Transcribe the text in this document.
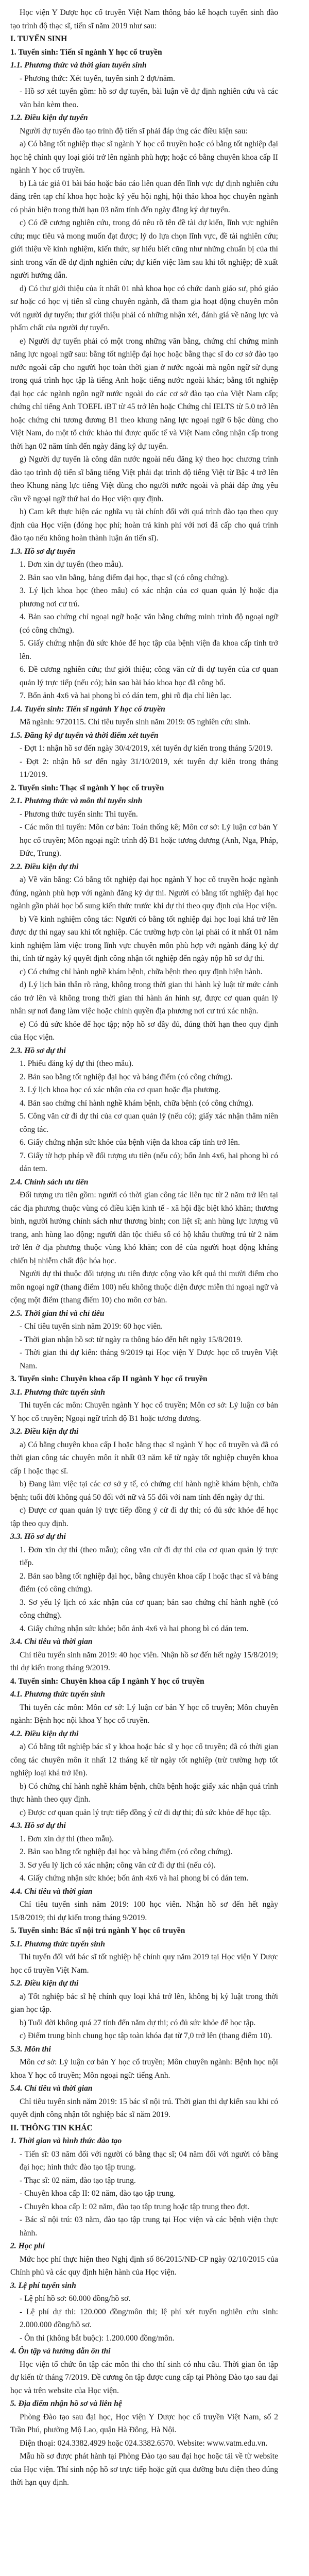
Học viện Y Dược học cổ truyền Việt Nam thông báo kế hoạch tuyển sinh đào tạo trình độ thạc sĩ, tiến sĩ năm 2019 như sau:

I. TUYỂN SINH

1. Tuyển sinh: Tiến sĩ ngành Y học cổ truyền

1.1. Phương thức và thời gian tuyển sinh

- Phương thức: Xét tuyển, tuyển sinh 2 đợt/năm.

- Hồ sơ xét tuyển gồm: hồ sơ dự tuyển, bài luận về dự định nghiên cứu và các văn bản kèm theo.

1.2. Điều kiện dự tuyển

Người dự tuyển đào tạo trình độ tiến sĩ phải đáp ứng các điều kiện sau:

a) Có bằng tốt nghiệp thạc sĩ ngành Y học cổ truyền hoặc có bằng tốt nghiệp đại học hệ chính quy loại giỏi trở lên ngành phù hợp; hoặc có bằng chuyên khoa cấp II ngành Y học cổ truyền.

b) Là tác giả 01 bài báo hoặc báo cáo liên quan đến lĩnh vực dự định nghiên cứu đăng trên tạp chí khoa học hoặc kỷ yếu hội nghị, hội thảo khoa học chuyên ngành có phản biện trong thời hạn 03 năm tính đến ngày đăng ký dự tuyển.

c) Có đề cương nghiên cứu, trong đó nêu rõ tên đề tài dự kiến, lĩnh vực nghiên cứu; mục tiêu và mong muốn đạt được; lý do lựa chọn lĩnh vực, đề tài nghiên cứu; giới thiệu về kinh nghiệm, kiến thức, sự hiểu biết cũng như những chuẩn bị của thí sinh trong vấn đề dự định nghiên cứu; dự kiến việc làm sau khi tốt nghiệp; đề xuất người hướng dẫn.

d) Có thư giới thiệu của ít nhất 01 nhà khoa học có chức danh giáo sư, phó giáo sư hoặc có học vị tiến sĩ cùng chuyên ngành, đã tham gia hoạt động chuyên môn với người dự tuyển; thư giới thiệu phải có những nhận xét, đánh giá về năng lực và phẩm chất của người dự tuyển.

e) Người dự tuyển phải có một trong những văn bằng, chứng chỉ chứng minh năng lực ngoại ngữ sau: bằng tốt nghiệp đại học hoặc bằng thạc sĩ do cơ sở đào tạo nước ngoài cấp cho người học toàn thời gian ở nước ngoài mà ngôn ngữ sử dụng trong quá trình học tập là tiếng Anh hoặc tiếng nước ngoài khác; bằng tốt nghiệp đại học các ngành ngôn ngữ nước ngoài do các cơ sở đào tạo của Việt Nam cấp; chứng chỉ tiếng Anh TOEFL iBT từ 45 trở lên hoặc Chứng chỉ IELTS từ 5.0 trở lên hoặc chứng chỉ tương đương B1 theo khung năng lực ngoại ngữ 6 bậc dùng cho Việt Nam, do một tổ chức khảo thí được quốc tế và Việt Nam công nhận cấp trong thời hạn 02 năm tính đến ngày đăng ký dự tuyển.

g) Người dự tuyển là công dân nước ngoài nếu đăng ký theo học chương trình đào tạo trình độ tiến sĩ bằng tiếng Việt phải đạt trình độ tiếng Việt từ Bậc 4 trở lên theo Khung năng lực tiếng Việt dùng cho người nước ngoài và phải đáp ứng yêu cầu về ngoại ngữ thứ hai do Học viện quy định.

h) Cam kết thực hiện các nghĩa vụ tài chính đối với quá trình đào tạo theo quy định của Học viện (đóng học phí; hoàn trả kinh phí với nơi đã cấp cho quá trình đào tạo nếu không hoàn thành luận án tiến sĩ).

1.3. Hồ sơ dự tuyển

1. Đơn xin dự tuyển (theo mẫu).

2. Bản sao văn bằng, bảng điểm đại học, thạc sĩ (có công chứng).

3. Lý lịch khoa học (theo mẫu) có xác nhận của cơ quan quản lý hoặc địa phương nơi cư trú.

4. Bản sao chứng chỉ ngoại ngữ hoặc văn bằng chứng minh trình độ ngoại ngữ (có công chứng).

5. Giấy chứng nhận đủ sức khỏe để học tập của bệnh viện đa khoa cấp tỉnh trở lên.

6. Đề cương nghiên cứu; thư giới thiệu; công văn cử đi dự tuyển của cơ quan quản lý trực tiếp (nếu có); bản sao bài báo khoa học đã công bố.

7. Bốn ảnh 4x6 và hai phong bì có dán tem, ghi rõ địa chỉ liên lạc.

1.4. Tuyển sinh: Tiến sĩ ngành Y học cổ truyền

Mã ngành: 9720115. Chỉ tiêu tuyển sinh năm 2019: 05 nghiên cứu sinh.

1.5. Đăng ký dự tuyển và thời điểm xét tuyển

- Đợt 1: nhận hồ sơ đến ngày 30/4/2019, xét tuyển dự kiến trong tháng 5/2019.

- Đợt 2: nhận hồ sơ đến ngày 31/10/2019, xét tuyển dự kiến trong tháng 11/2019.

2. Tuyển sinh: Thạc sĩ ngành Y học cổ truyền

2.1. Phương thức và môn thi tuyển sinh

- Phương thức tuyển sinh: Thi tuyển.

- Các môn thi tuyển: Môn cơ bản: Toán thống kê; Môn cơ sở: Lý luận cơ bản Y học cổ truyền; Môn ngoại ngữ: trình độ B1 hoặc tương đương (Anh, Nga, Pháp, Đức, Trung).

2.2. Điều kiện dự thi

a) Về văn bằng: Có bằng tốt nghiệp đại học ngành Y học cổ truyền hoặc ngành đúng, ngành phù hợp với ngành đăng ký dự thi. Người có bằng tốt nghiệp đại học ngành gần phải học bổ sung kiến thức trước khi dự thi theo quy định của Học viện.

b) Về kinh nghiệm công tác: Người có bằng tốt nghiệp đại học loại khá trở lên được dự thi ngay sau khi tốt nghiệp. Các trường hợp còn lại phải có ít nhất 01 năm kinh nghiệm làm việc trong lĩnh vực chuyên môn phù hợp với ngành đăng ký dự thi, tính từ ngày ký quyết định công nhận tốt nghiệp đến ngày nộp hồ sơ dự thi.

c) Có chứng chỉ hành nghề khám bệnh, chữa bệnh theo quy định hiện hành.

d) Lý lịch bản thân rõ ràng, không trong thời gian thi hành kỷ luật từ mức cảnh cáo trở lên và không trong thời gian thi hành án hình sự, được cơ quan quản lý nhân sự nơi đang làm việc hoặc chính quyền địa phương nơi cư trú xác nhận.

e) Có đủ sức khỏe để học tập; nộp hồ sơ đầy đủ, đúng thời hạn theo quy định của Học viện.

2.3. Hồ sơ dự thi

1. Phiếu đăng ký dự thi (theo mẫu).

2. Bản sao bằng tốt nghiệp đại học và bảng điểm (có công chứng).

3. Lý lịch khoa học có xác nhận của cơ quan hoặc địa phương.

4. Bản sao chứng chỉ hành nghề khám bệnh, chữa bệnh (có công chứng).

5. Công văn cử đi dự thi của cơ quan quản lý (nếu có); giấy xác nhận thâm niên công tác.

6. Giấy chứng nhận sức khỏe của bệnh viện đa khoa cấp tỉnh trở lên.

7. Giấy tờ hợp pháp về đối tượng ưu tiên (nếu có); bốn ảnh 4x6, hai phong bì có dán tem.

2.4. Chính sách ưu tiên

Đối tượng ưu tiên gồm: người có thời gian công tác liên tục từ 2 năm trở lên tại các địa phương thuộc vùng có điều kiện kinh tế - xã hội đặc biệt khó khăn; thương binh, người hưởng chính sách như thương binh; con liệt sĩ; anh hùng lực lượng vũ trang, anh hùng lao động; người dân tộc thiểu số có hộ khẩu thường trú từ 2 năm trở lên ở địa phương thuộc vùng khó khăn; con đẻ của người hoạt động kháng chiến bị nhiễm chất độc hóa học.

Người dự thi thuộc đối tượng ưu tiên được cộng vào kết quả thi mười điểm cho môn ngoại ngữ (thang điểm 100) nếu không thuộc diện được miễn thi ngoại ngữ và cộng một điểm (thang điểm 10) cho môn cơ bản.

2.5. Thời gian thi và chỉ tiêu

- Chỉ tiêu tuyển sinh năm 2019: 60 học viên.

- Thời gian nhận hồ sơ: từ ngày ra thông báo đến hết ngày 15/8/2019.

- Thời gian thi dự kiến: tháng 9/2019 tại Học viện Y Dược học cổ truyền Việt Nam.

3. Tuyển sinh: Chuyên khoa cấp II ngành Y học cổ truyền

3.1. Phương thức tuyển sinh

Thi tuyển các môn: Chuyên ngành Y học cổ truyền; Môn cơ sở: Lý luận cơ bản Y học cổ truyền; Ngoại ngữ trình độ B1 hoặc tương đương.

3.2. Điều kiện dự thi

a) Có bằng chuyên khoa cấp I hoặc bằng thạc sĩ ngành Y học cổ truyền và đã có thời gian công tác chuyên môn ít nhất 03 năm kể từ ngày tốt nghiệp chuyên khoa cấp I hoặc thạc sĩ.

b) Đang làm việc tại các cơ sở y tế, có chứng chỉ hành nghề khám bệnh, chữa bệnh; tuổi đời không quá 50 đối với nữ và 55 đối với nam tính đến ngày dự thi.

c) Được cơ quan quản lý trực tiếp đồng ý cử đi dự thi; có đủ sức khỏe để học tập theo quy định.

3.3. Hồ sơ dự thi

1. Đơn xin dự thi (theo mẫu); công văn cử đi dự thi của cơ quan quản lý trực tiếp.

2. Bản sao bằng tốt nghiệp đại học, bằng chuyên khoa cấp I hoặc thạc sĩ và bảng điểm (có công chứng).

3. Sơ yếu lý lịch có xác nhận của cơ quan; bản sao chứng chỉ hành nghề (có công chứng).

4. Giấy chứng nhận sức khỏe; bốn ảnh 4x6 và hai phong bì có dán tem.

3.4. Chỉ tiêu và thời gian

Chỉ tiêu tuyển sinh năm 2019: 40 học viên. Nhận hồ sơ đến hết ngày 15/8/2019; thi dự kiến trong tháng 9/2019.

4. Tuyển sinh: Chuyên khoa cấp I ngành Y học cổ truyền

4.1. Phương thức tuyển sinh

Thi tuyển các môn: Môn cơ sở: Lý luận cơ bản Y học cổ truyền; Môn chuyên ngành: Bệnh học nội khoa Y học cổ truyền.

4.2. Điều kiện dự thi

a) Có bằng tốt nghiệp bác sĩ y khoa hoặc bác sĩ y học cổ truyền; đã có thời gian công tác chuyên môn ít nhất 12 tháng kể từ ngày tốt nghiệp (trừ trường hợp tốt nghiệp loại khá trở lên).

b) Có chứng chỉ hành nghề khám bệnh, chữa bệnh hoặc giấy xác nhận quá trình thực hành theo quy định.

c) Được cơ quan quản lý trực tiếp đồng ý cử đi dự thi; đủ sức khỏe để học tập.

4.3. Hồ sơ dự thi

1. Đơn xin dự thi (theo mẫu).

2. Bản sao bằng tốt nghiệp đại học và bảng điểm (có công chứng).

3. Sơ yếu lý lịch có xác nhận; công văn cử đi dự thi (nếu có).

4. Giấy chứng nhận sức khỏe; bốn ảnh 4x6 và hai phong bì có dán tem.

4.4. Chỉ tiêu và thời gian

Chỉ tiêu tuyển sinh năm 2019: 100 học viên. Nhận hồ sơ đến hết ngày 15/8/2019; thi dự kiến trong tháng 9/2019.

5. Tuyển sinh: Bác sĩ nội trú ngành Y học cổ truyền

5.1. Phương thức tuyển sinh

Thi tuyển đối với bác sĩ tốt nghiệp hệ chính quy năm 2019 tại Học viện Y Dược học cổ truyền Việt Nam.

5.2. Điều kiện dự thi

a) Tốt nghiệp bác sĩ hệ chính quy loại khá trở lên, không bị kỷ luật trong thời gian học tập.

b) Tuổi đời không quá 27 tính đến năm dự thi; có đủ sức khỏe để học tập.

c) Điểm trung bình chung học tập toàn khóa đạt từ 7,0 trở lên (thang điểm 10).

5.3. Môn thi

Môn cơ sở: Lý luận cơ bản Y học cổ truyền; Môn chuyên ngành: Bệnh học nội khoa Y học cổ truyền; Môn ngoại ngữ: tiếng Anh.

5.4. Chỉ tiêu và thời gian

Chỉ tiêu tuyển sinh năm 2019: 15 bác sĩ nội trú. Thời gian thi dự kiến sau khi có quyết định công nhận tốt nghiệp bác sĩ năm 2019.

II. THÔNG TIN KHÁC

1. Thời gian và hình thức đào tạo

- Tiến sĩ: 03 năm đối với người có bằng thạc sĩ; 04 năm đối với người có bằng đại học; hình thức đào tạo tập trung.

- Thạc sĩ: 02 năm, đào tạo tập trung.

- Chuyên khoa cấp II: 02 năm, đào tạo tập trung.

- Chuyên khoa cấp I: 02 năm, đào tạo tập trung hoặc tập trung theo đợt.

- Bác sĩ nội trú: 03 năm, đào tạo tập trung tại Học viện và các bệnh viện thực hành.

2. Học phí

Mức học phí thực hiện theo Nghị định số 86/2015/NĐ-CP ngày 02/10/2015 của Chính phủ và các quy định hiện hành của Học viện.

3. Lệ phí tuyển sinh

- Lệ phí hồ sơ: 60.000 đồng/hồ sơ.

- Lệ phí dự thi: 120.000 đồng/môn thi; lệ phí xét tuyển nghiên cứu sinh: 2.000.000 đồng/hồ sơ.

- Ôn thi (không bắt buộc): 1.200.000 đồng/môn.

4. Ôn tập và hướng dẫn ôn thi

Học viện tổ chức ôn tập các môn thi cho thí sinh có nhu cầu. Thời gian ôn tập dự kiến từ tháng 7/2019. Đề cương ôn tập được cung cấp tại Phòng Đào tạo sau đại học và trên website của Học viện.

5. Địa điểm nhận hồ sơ và liên hệ

Phòng Đào tạo sau đại học, Học viện Y Dược học cổ truyền Việt Nam, số 2 Trần Phú, phường Mộ Lao, quận Hà Đông, Hà Nội.

Điện thoại: 024.3382.4929 hoặc 024.3382.6570. Website: www.vatm.edu.vn.

Mẫu hồ sơ được phát hành tại Phòng Đào tạo sau đại học hoặc tải về từ website của Học viện. Thí sinh nộp hồ sơ trực tiếp hoặc gửi qua đường bưu điện theo đúng thời hạn quy định.
